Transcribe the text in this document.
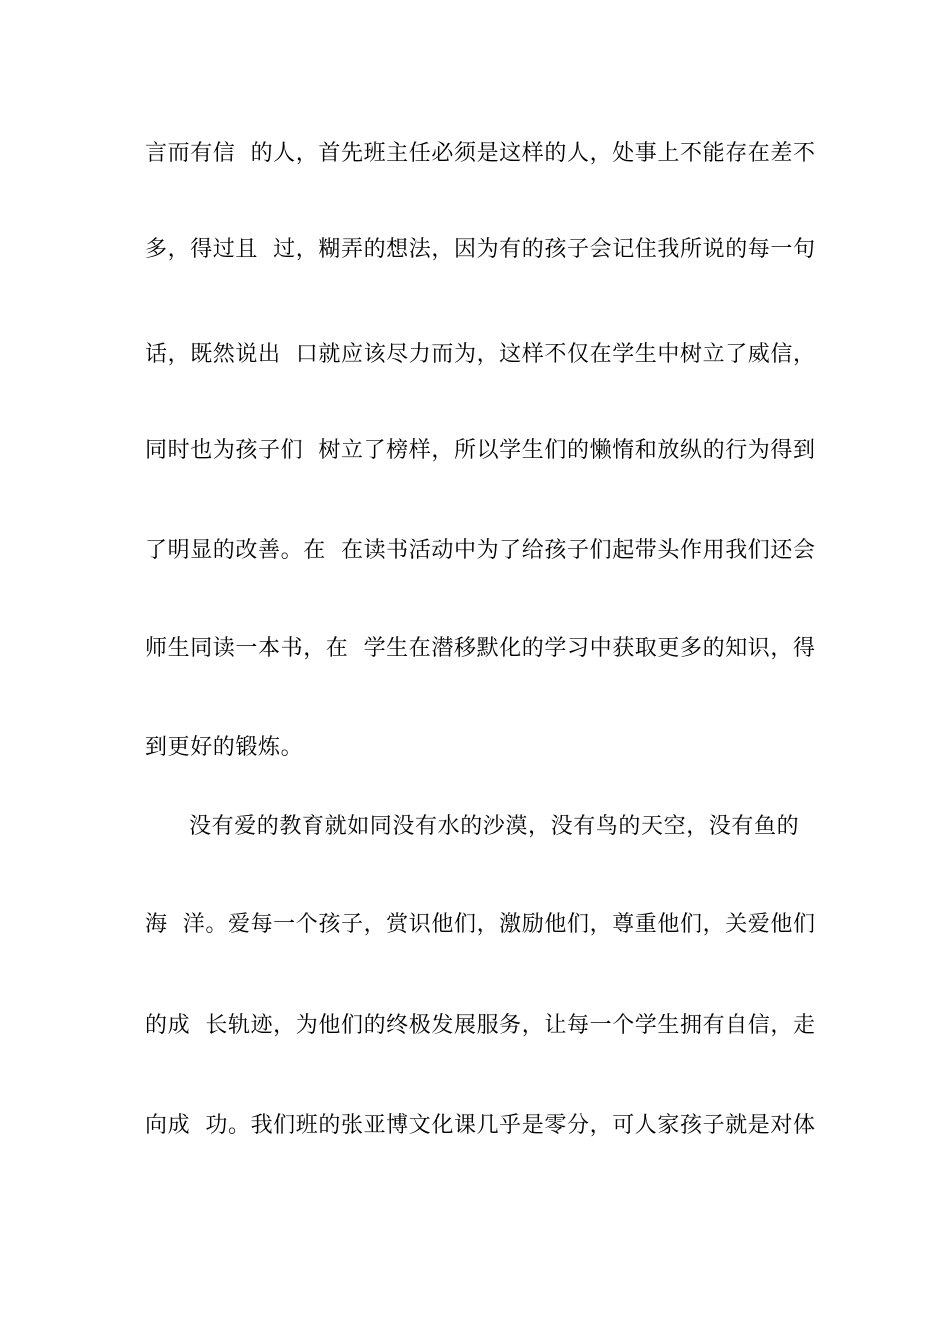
言而有信  的人，首先班主任必须是这样的人，处事上不能存在差不
多，得过且  过，糊弄的想法，因为有的孩子会记住我所说的每一句
话，既然说出  口就应该尽力而为，这样不仅在学生中树立了威信，
同时也为孩子们  树立了榜样，所以学生们的懒惰和放纵的行为得到
了明显的改善。在  在读书活动中为了给孩子们起带头作用我们还会
师生同读一本书，在  学生在潜移默化的学习中获取更多的知识，得
到更好的锻炼。
没有爱的教育就如同没有水的沙漠，没有鸟的天空，没有鱼的
海  洋。爱每一个孩子，赏识他们，激励他们，尊重他们，关爱他们
的成  长轨迹，为他们的终极发展服务，让每一个学生拥有自信，走
向成  功。我们班的张亚博文化课几乎是零分，可人家孩子就是对体
